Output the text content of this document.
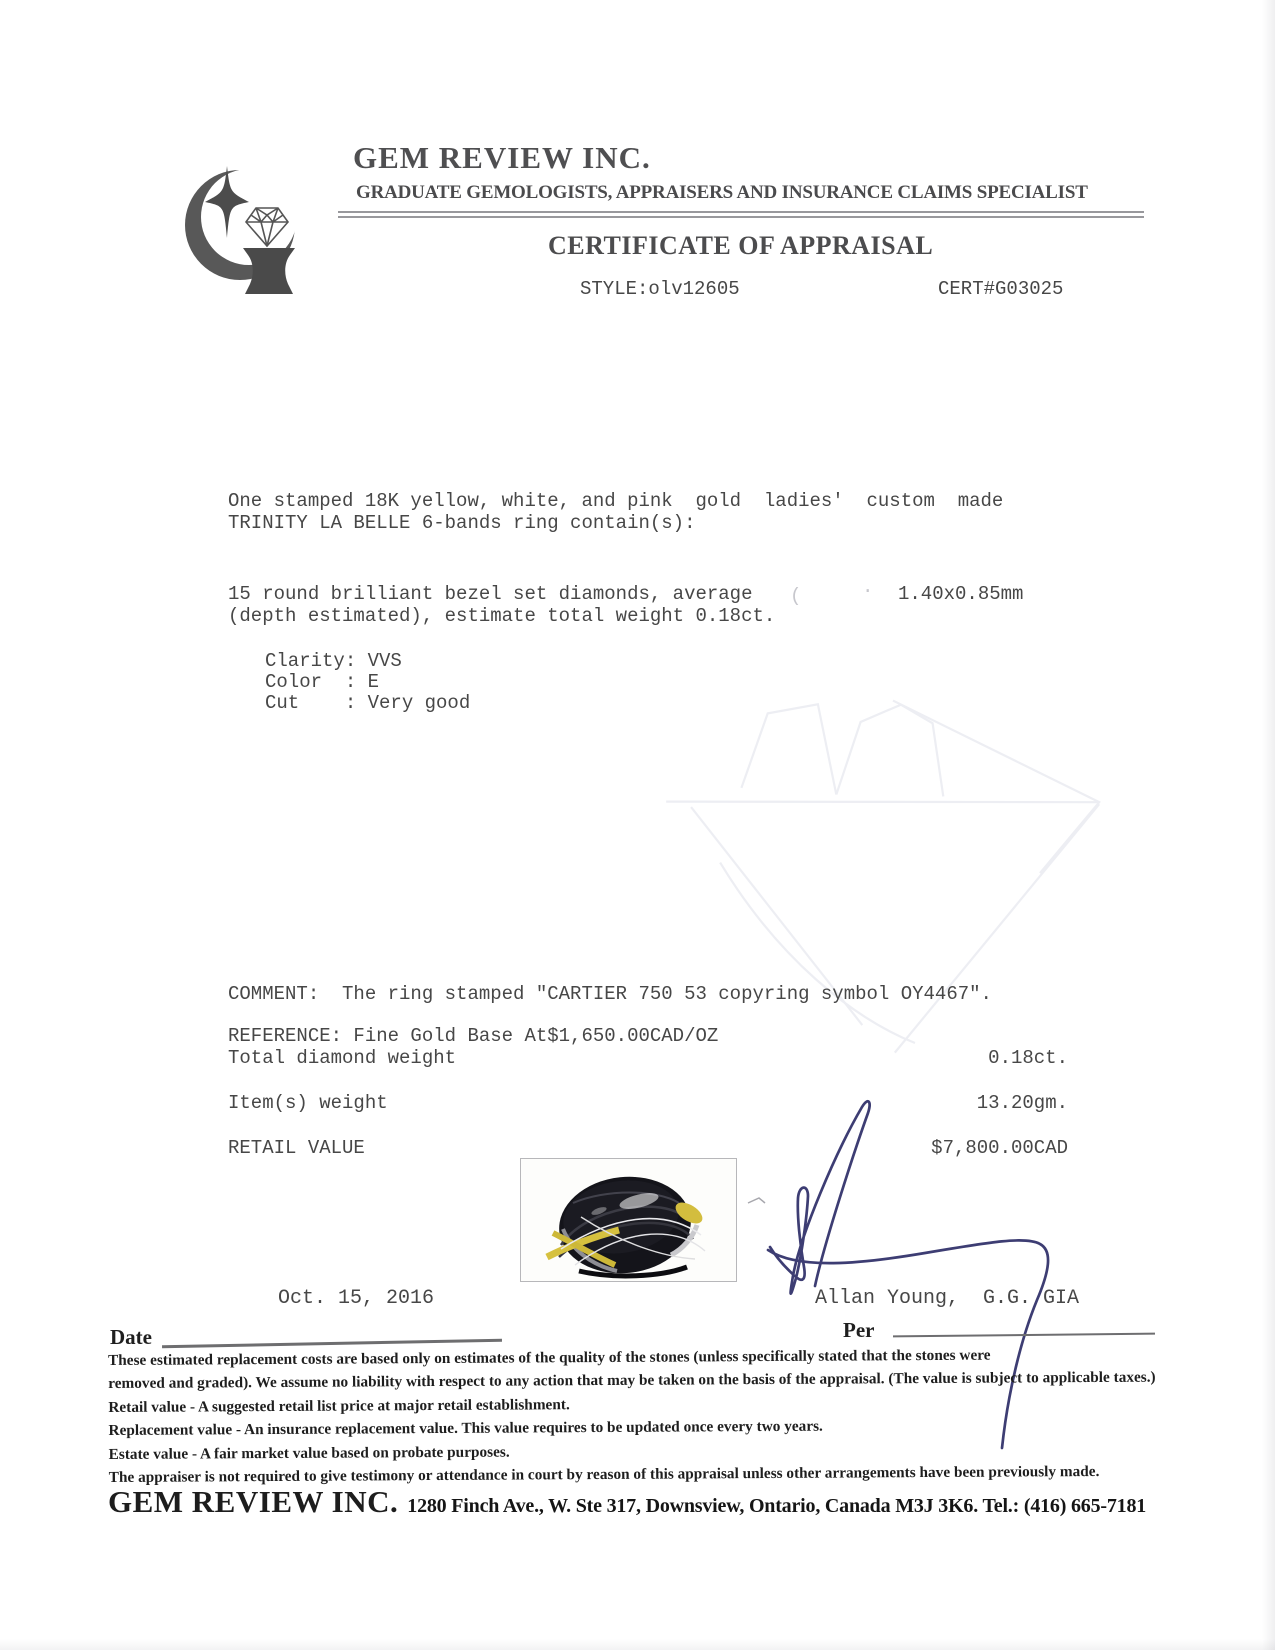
GEM REVIEW INC.
GRADUATE GEMOLOGISTS, APPRAISERS AND INSURANCE CLAIMS SPECIALIST
CERTIFICATE OF APPRAISAL
STYLE:olv12605	CERT#G03025
One stamped 18K yellow, white, and pink  gold  ladies'  custom  made
TRINITY LA BELLE 6-bands ring contain(s):
15 round brilliant bezel set diamonds, average (	· 1.40x0.85mm
(depth estimated), estimate total weight 0.18ct.
Clarity: VVS
Color  : E
Cut    : Very good
COMMENT:  The ring stamped "CARTIER 750 53 copyring symbol OY4467".
REFERENCE: Fine Gold Base At$1,650.00CAD/OZ
Total diamond weight	0.18ct.
Item(s) weight	13.20gm.
RETAIL VALUE	$7,800.00CAD
Oct. 15, 2016	Allan Young,  G.G. GIA
Date	Per
These estimated replacement costs are based only on estimates of the quality of the stones (unless specifically stated that the stones were
removed and graded). We assume no liability with respect to any action that may be taken on the basis of the appraisal. (The value is subject to applicable taxes.)
Retail value - A suggested retail list price at major retail establishment.
Replacement value - An insurance replacement value. This value requires to be updated once every two years.
Estate value - A fair market value based on probate purposes.
The appraiser is not required to give testimony or attendance in court by reason of this appraisal unless other arrangements have been previously made.
GEM REVIEW INC. 1280 Finch Ave., W. Ste 317, Downsview, Ontario, Canada M3J 3K6. Tel.: (416) 665-7181
